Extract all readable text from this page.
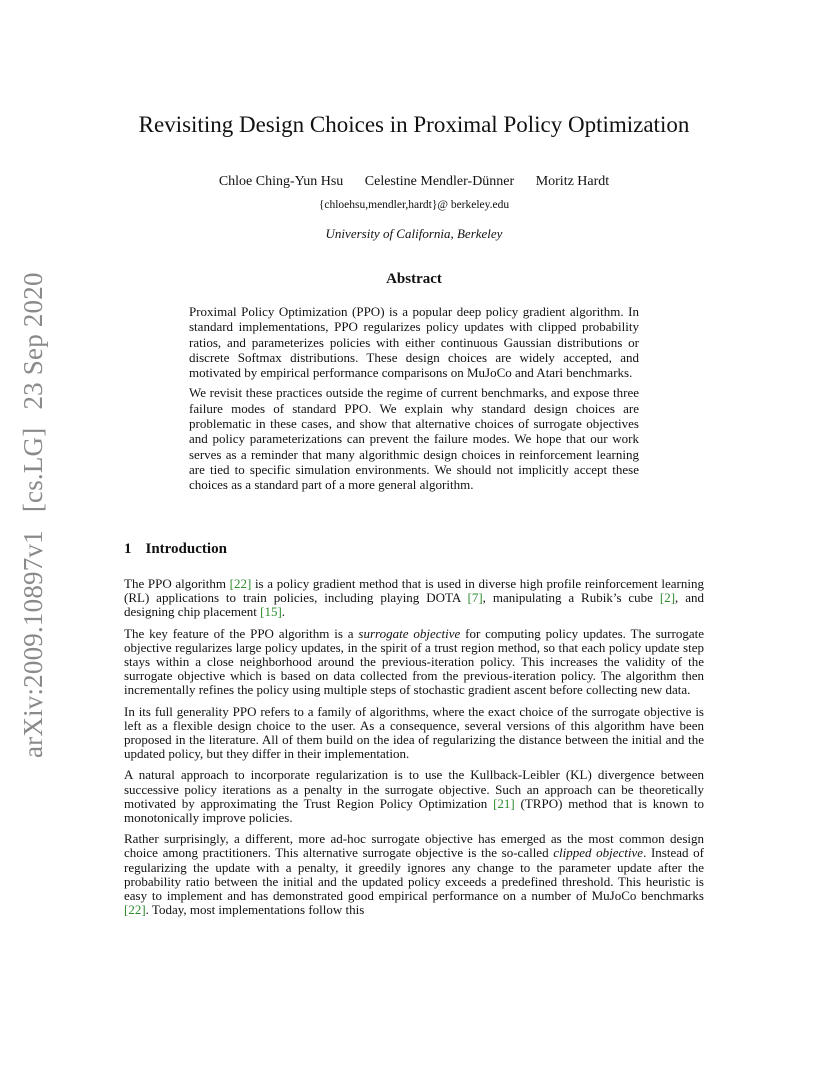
arXiv:2009.10897v1[cs.LG]23 Sep 2020
Revisiting Design Choices in Proximal Policy Optimization
Chloe Ching-Yun Hsu Celestine Mendler-Dünner Moritz Hardt
{chloehsu,mendler,hardt}@ berkeley.edu
University of California, Berkeley
Abstract

Proximal Policy Optimization (PPO) is a popular deep policy gradient algorithm. In standard implementations, PPO regularizes policy updates with clipped probability ratios, and parameterizes policies with either continuous Gaussian distributions or discrete Softmax distributions. These design choices are widely accepted, and motivated by empirical performance comparisons on MuJoCo and Atari benchmarks.

We revisit these practices outside the regime of current benchmarks, and expose three failure modes of standard PPO. We explain why standard design choices are problematic in these cases, and show that alternative choices of surrogate objectives and policy parameterizations can prevent the failure modes. We hope that our work serves as a reminder that many algorithmic design choices in reinforcement learning are tied to specific simulation environments. We should not implicitly accept these choices as a standard part of a more general algorithm.

1 Introduction

The PPO algorithm [22] is a policy gradient method that is used in diverse high profile reinforcement learning (RL) applications to train policies, including playing DOTA [7], manipulating a Rubik’s cube [2], and designing chip placement [15].

The key feature of the PPO algorithm is a surrogate objective for computing policy updates. The surrogate objective regularizes large policy updates, in the spirit of a trust region method, so that each policy update step stays within a close neighborhood around the previous-iteration policy. This increases the validity of the surrogate objective which is based on data collected from the previous-iteration policy. The algorithm then incrementally refines the policy using multiple steps of stochastic gradient ascent before collecting new data.

In its full generality PPO refers to a family of algorithms, where the exact choice of the surrogate objective is left as a flexible design choice to the user. As a consequence, several versions of this algorithm have been proposed in the literature. All of them build on the idea of regularizing the distance between the initial and the updated policy, but they differ in their implementation.

A natural approach to incorporate regularization is to use the Kullback-Leibler (KL) divergence between successive policy iterations as a penalty in the surrogate objective. Such an approach can be theoretically motivated by approximating the Trust Region Policy Optimization [21] (TRPO) method that is known to monotonically improve policies.

Rather surprisingly, a different, more ad-hoc surrogate objective has emerged as the most common design choice among practitioners. This alternative surrogate objective is the so-called clipped objective. Instead of regularizing the update with a penalty, it greedily ignores any change to the parameter update after the probability ratio between the initial and the updated policy exceeds a predefined threshold. This heuristic is easy to implement and has demonstrated good empirical performance on a number of MuJoCo benchmarks [22]. Today, most implementations follow this
